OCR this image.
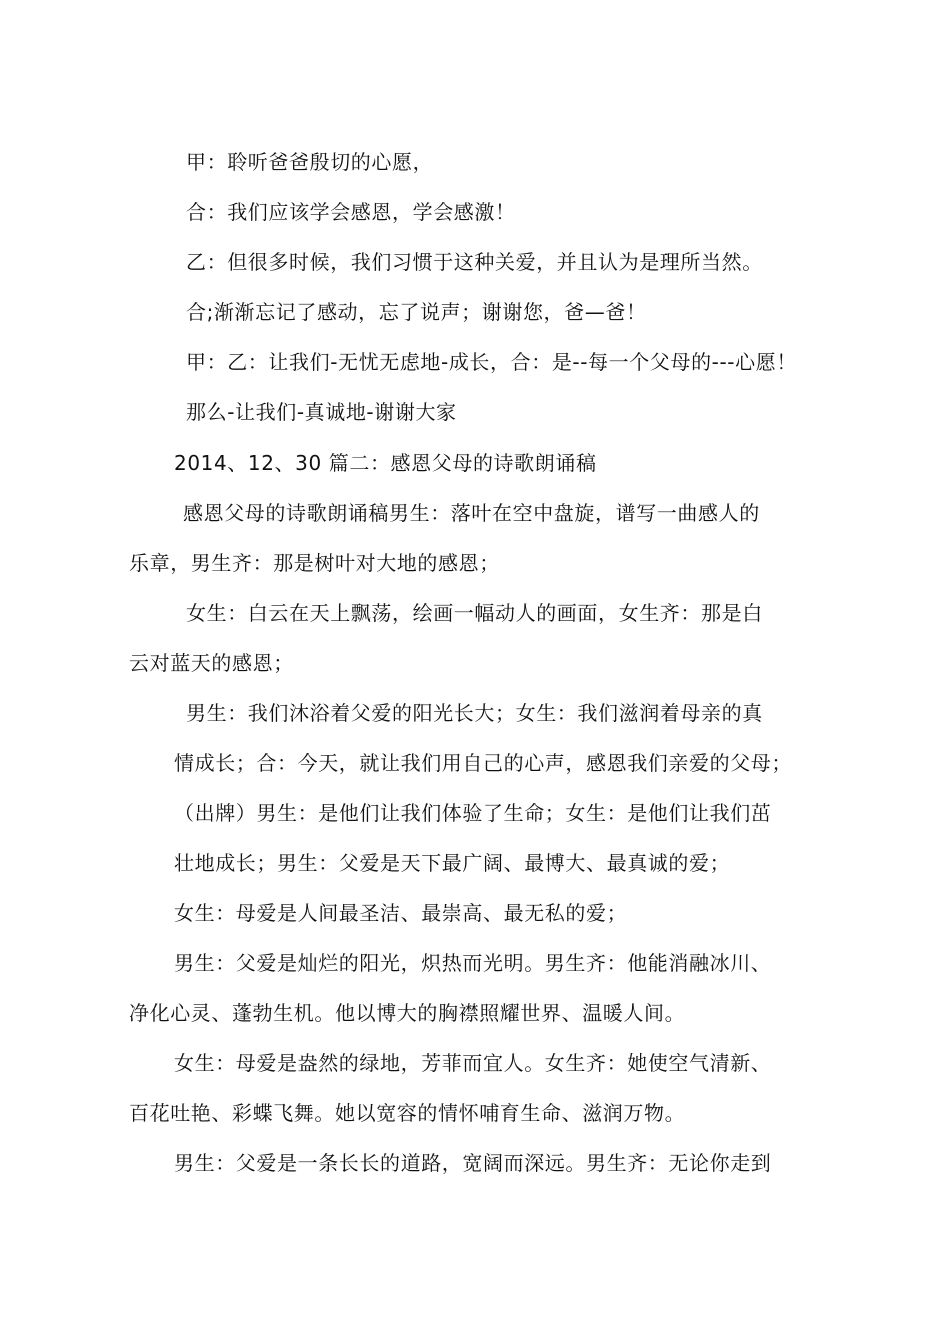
甲：聆听爸爸殷切的心愿，

合：我们应该学会感恩，学会感激！

乙：但很多时候，我们习惯于这种关爱，并且认为是理所当然。

合;渐渐忘记了感动，忘了说声；谢谢您，爸—爸！

甲：乙：让我们-无忧无虑地-成长，合：是--每一个父母的---心愿！

那么-让我们-真诚地-谢谢大家

2014、12、30 篇二：感恩父母的诗歌朗诵稿

感恩父母的诗歌朗诵稿男生：落叶在空中盘旋，谱写一曲感人的

乐章，男生齐：那是树叶对大地的感恩；

女生：白云在天上飘荡，绘画一幅动人的画面，女生齐：那是白

云对蓝天的感恩；

男生：我们沐浴着父爱的阳光长大；女生：我们滋润着母亲的真

情成长；合：今天，就让我们用自己的心声，感恩我们亲爱的父母；

（出牌）男生：是他们让我们体验了生命；女生：是他们让我们茁

壮地成长；男生：父爱是天下最广阔、最博大、最真诚的爱；

女生：母爱是人间最圣洁、最崇高、最无私的爱；

男生：父爱是灿烂的阳光，炽热而光明。男生齐：他能消融冰川、

净化心灵、蓬勃生机。他以博大的胸襟照耀世界、温暖人间。

女生：母爱是盎然的绿地，芳菲而宜人。女生齐：她使空气清新、

百花吐艳、彩蝶飞舞。她以宽容的情怀哺育生命、滋润万物。

男生：父爱是一条长长的道路，宽阔而深远。男生齐：无论你走到
